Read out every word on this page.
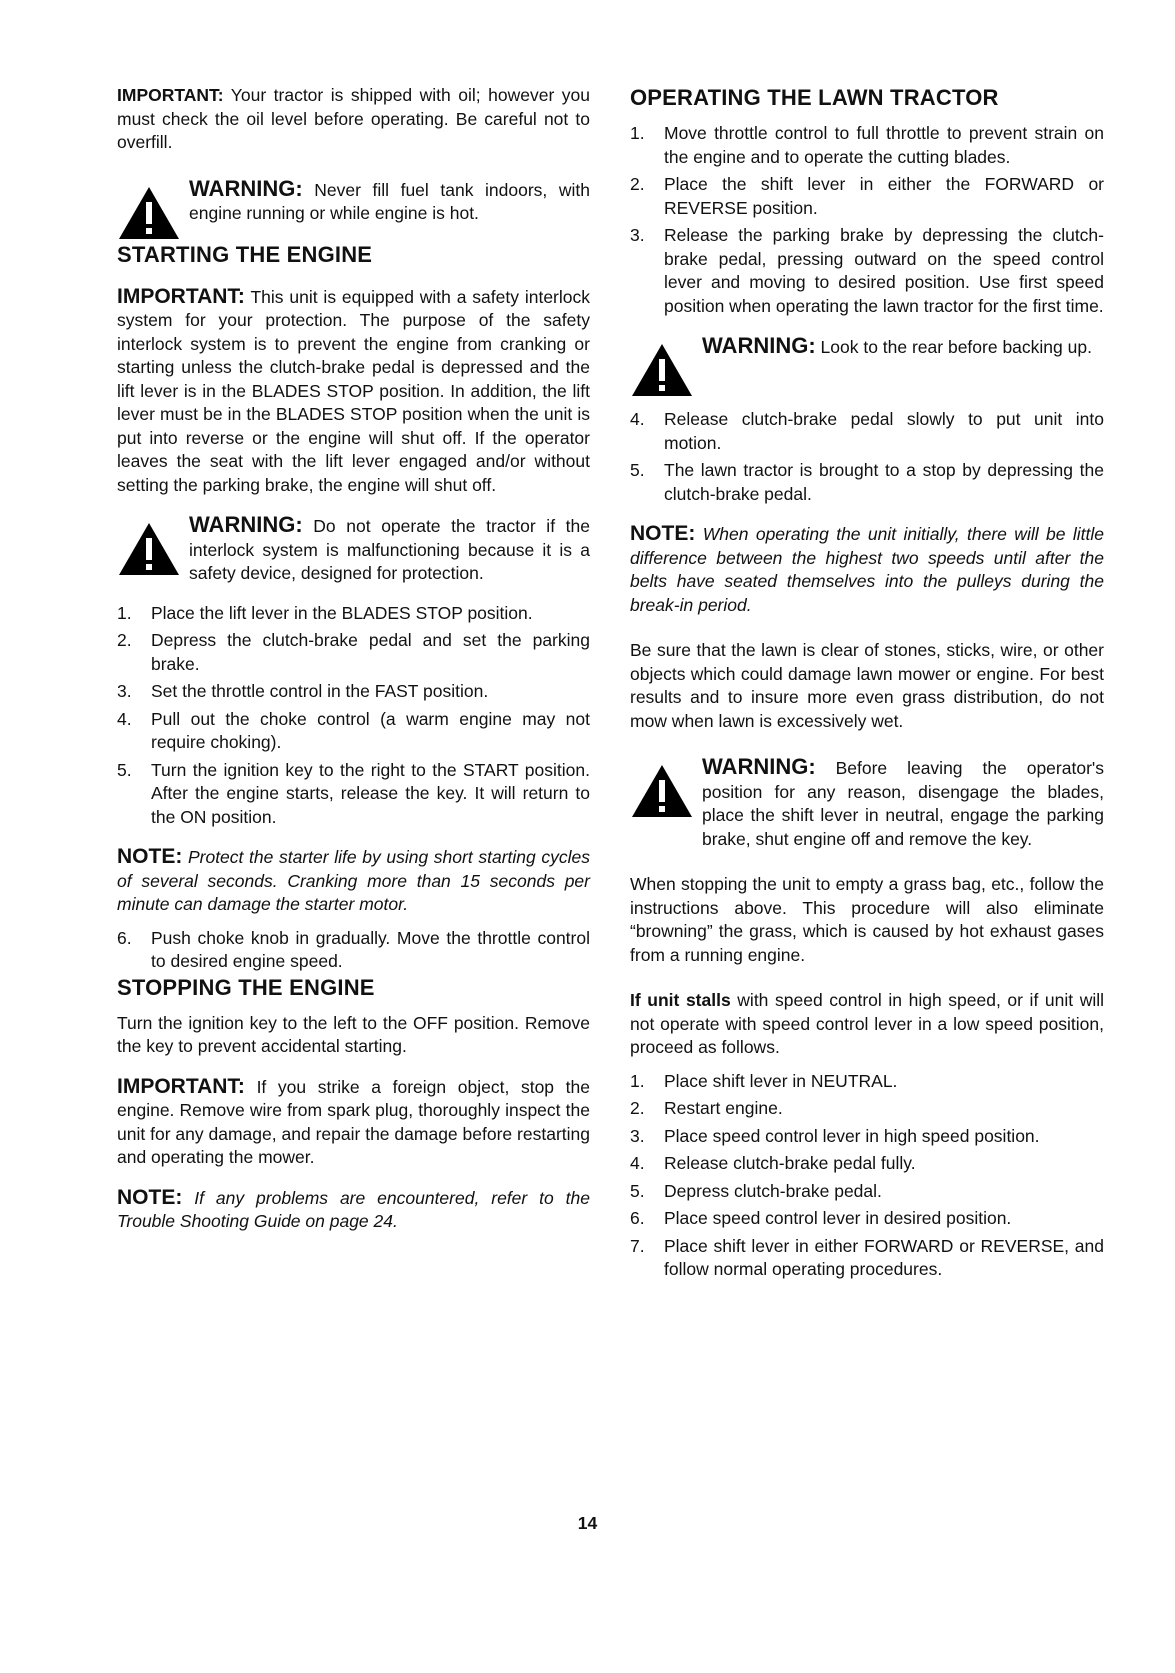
IMPORTANT: Your tractor is shipped with oil; however you must check the oil level before operating. Be careful not to overfill.

WARNING: Never fill fuel tank indoors, with engine running or while engine is hot.

STARTING THE ENGINE

IMPORTANT: This unit is equipped with a safety interlock system for your protection. The purpose of the safety interlock system is to prevent the engine from cranking or starting unless the clutch-brake pedal is depressed and the lift lever is in the BLADES STOP position. In addition, the lift lever must be in the BLADES STOP position when the unit is put into reverse or the engine will shut off. If the operator leaves the seat with the lift lever engaged and/or without setting the parking brake, the engine will shut off.

WARNING: Do not operate the tractor if the interlock system is malfunctioning because it is a safety device, designed for protection.

1. Place the lift lever in the BLADES STOP position.
2. Depress the clutch-brake pedal and set the parking brake.
3. Set the throttle control in the FAST position.
4. Pull out the choke control (a warm engine may not require choking).
5. Turn the ignition key to the right to the START position. After the engine starts, release the key. It will return to the ON position.

NOTE: Protect the starter life by using short starting cycles of several seconds. Cranking more than 15 seconds per minute can damage the starter motor.

6. Push choke knob in gradually. Move the throttle control to desired engine speed.
STOPPING THE ENGINE

Turn the ignition key to the left to the OFF position. Remove the key to prevent accidental starting.

IMPORTANT: If you strike a foreign object, stop the engine. Remove wire from spark plug, thoroughly inspect the unit for any damage, and repair the damage before restarting and operating the mower.

NOTE: If any problems are encountered, refer to the Trouble Shooting Guide on page 24.

OPERATING THE LAWN TRACTOR
1. Move throttle control to full throttle to prevent strain on the engine and to operate the cutting blades.
2. Place the shift lever in either the FORWARD or REVERSE position.
3. Release the parking brake by depressing the clutch-brake pedal, pressing outward on the speed control lever and moving to desired position. Use first speed position when operating the lawn tractor for the first time.

WARNING: Look to the rear before backing up.

4. Release clutch-brake pedal slowly to put unit into motion.
5. The lawn tractor is brought to a stop by depressing the clutch-brake pedal.

NOTE: When operating the unit initially, there will be little difference between the highest two speeds until after the belts have seated themselves into the pulleys during the break-in period.

Be sure that the lawn is clear of stones, sticks, wire, or other objects which could damage lawn mower or engine. For best results and to insure more even grass distribution, do not mow when lawn is excessively wet.

WARNING: Before leaving the operator's position for any reason, disengage the blades, place the shift lever in neutral, engage the parking brake, shut engine off and remove the key.

When stopping the unit to empty a grass bag, etc., follow the instructions above. This procedure will also eliminate “browning” the grass, which is caused by hot exhaust gases from a running engine.

If unit stalls with speed control in high speed, or if unit will not operate with speed control lever in a low speed position, proceed as follows.

1. Place shift lever in NEUTRAL.
2. Restart engine.
3. Place speed control lever in high speed position.
4. Release clutch-brake pedal fully.
5. Depress clutch-brake pedal.
6. Place speed control lever in desired position.
7. Place shift lever in either FORWARD or REVERSE, and follow normal operating procedures.
14
